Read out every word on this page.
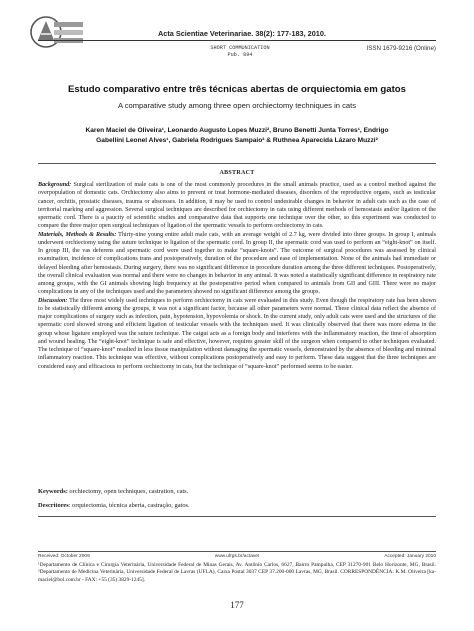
Acta Scientiae Veterinariae. 38(2): 177-183, 2010.
SHORT COMMUNICATION
Pub. 894
ISSN 1679-9216 (Online)
Estudo comparativo entre três técnicas abertas de orquiectomia em gatos
A comparative study among three open orchiectomy techniques in cats
Karen Maciel de Oliveira¹, Leonardo Augusto Lopes Muzzi², Bruno Benetti Junta Torres¹, Endrigo
Gabellini Leonel Alves¹, Gabriela Rodrigues Sampaio² & Ruthnea Aparecida Lázaro Muzzi²
ABSTRACT

Background: Surgical sterilization of male cats is one of the most commonly procedures in the small animals practice, used as a control method against the overpopulation of domestic cats. Orchiectomy also aims to prevent or treat hormone-mediated diseases, disorders of the reproductive organs, such as testicular cancer, orchitis, prostatic diseases, trauma or abscesses. In addition, it may be used to control undesirable changes in behavior in adult cats such as the case of territorial marking and aggression. Several surgical techniques are described for orchiectomy in cats using different methods of hemostasis and/or ligation of the spermatic cord. There is a paucity of scientific studies and comparative data that supports one technique over the other, so this experiment was conducted to compare the three major open surgical techniques of ligation of the spermatic vessels to perform orchiectomy in cats.

Materials, Methods & Results: Thirty-nine young entire adult male cats, with an average weight of 2.7 kg, were divided into three groups. In group I, animals underwent orchiectomy using the suture technique to ligation of the spermatic cord. In group II, the spermatic cord was used to perform an “eight-knot” on itself. In group III, the vas deferens and spermatic cord were used together to make “square-knots”. The outcome of surgical procedures was assessed by clinical examination, incidence of complications trans and postoperatively, duration of the procedure and ease of implementation. None of the animals had immediate or delayed bleeding after hemostasis. During surgery, there was no significant difference in procedure duration among the three different techniques. Postoperatively, the overall clinical evaluation was normal and there were no changes in behavior in any animal. It was noted a statistically significant difference in respiratory rate among groups, with the GI animals showing high frequency at the postoperative period when compared to animals from GII and GIII. There were no major complications in any of the techniques used and the parameters showed no significant difference among the groups.

Discussion: The three most widely used techniques to perform orchiectomy in cats were evaluated in this study. Even though the respiratory rate has been shown to be statistically different among the groups, it was not a significant factor, because all other parameters were normal. These clinical data reflect the absence of major complications of surgery such as infection, pain, hypotension, hypovolemia or shock. In the current study, only adult cats were used and the structures of the spermatic cord showed strong and efficient ligation of testicular vessels with the techniques used. It was clinically observed that there was more edema in the group whose ligature employed was the suture technique. The catgut acts as a foreign body and interferes with the inflammatory reaction, the time of absorption and wound healing. The “eight-knot” technique is safe and effective, however, requires greater skill of the surgeon when compared to other techniques evaluated. The technique of “square-knot” resulted in less tissue manipulation without damaging the spermatic vessels, demonstrated by the absence of bleeding and minimal inflammatory reaction. This technique was effective, without complications postoperatively and easy to perform. These data suggest that the three techniques are considered easy and efficacious to perform orchiectomy in cats, but the technique of “square-knot” performed seems to be easier.

Keywords: orchiectomy, open techniques, castration, cats.
Descritores: orquiectomia, técnica aberta, castração, gatos.
Received: October 2009	www.ufrgs.br/actavet	Accepted: January 2010
¹Departamento de Clínica e Cirurgia Veterinária, Universidade Federal de Minas Gerais, Av. Antônio Carlos, 6627, Bairro Pampulha, CEP 31270-901 Belo Horizonte, MG, Brasil. ²Departamento de Medicina Veterinária, Universidade Federal de Lavras (UFLA), Caixa Postal 3037 CEP 37.200-000 Lavras, MG, Brasil. CORRESPONDÊNCIA: K.M. Oliveira [ka-maciel@bol.com.br - FAX: +55 (35) 3829-1245].
177
